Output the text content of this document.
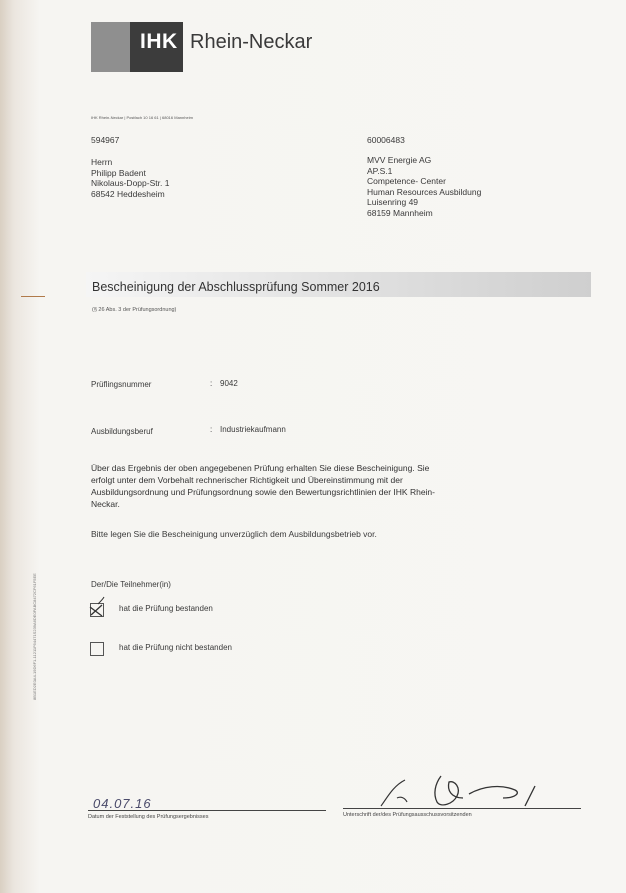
IHK Rhein-Neckar
IHK Rhein-Neckar | Postfach 10 16 61 | 68016 Mannheim
594967
Herrn
Philipp Badent
Nikolaus-Dopp-Str. 1
68542 Heddesheim
60006483
MVV Energie AG
AP.S.1
Competence- Center
Human Resources Ausbildung
Luisenring 49
68159 Mannheim
Bescheinigung der Abschlussprüfung Sommer 2016
(§ 26 Abs. 3 der Prüfungsordnung)
Prüflingsnummer	: 9042
Ausbildungsberuf	: Industriekaufmann
Über das Ergebnis der oben angegebenen Prüfung erhalten Sie diese Bescheinigung. Sie erfolgt unter dem Vorbehalt rechnerischer Richtigkeit und Übereinstimmung mit der Ausbildungsordnung und Prüfungsordnung sowie den Bewertungsrichtlinien der IHK Rhein-Neckar.
Bitte legen Sie die Bescheinigung unverzüglich dem Ausbildungsbetrieb vor.
Der/Die Teilnehmer(in)
hat die Prüfung bestanden
hat die Prüfung nicht bestanden
04.07.16
Datum der Feststellung des Prüfungsergebnisses	Unterschrift der/des Prüfungsausschussvorsitzenden
8B1ED2E0A4-19D6F1-11211F64471S239A6DE0FABC8472CF61F5EE
